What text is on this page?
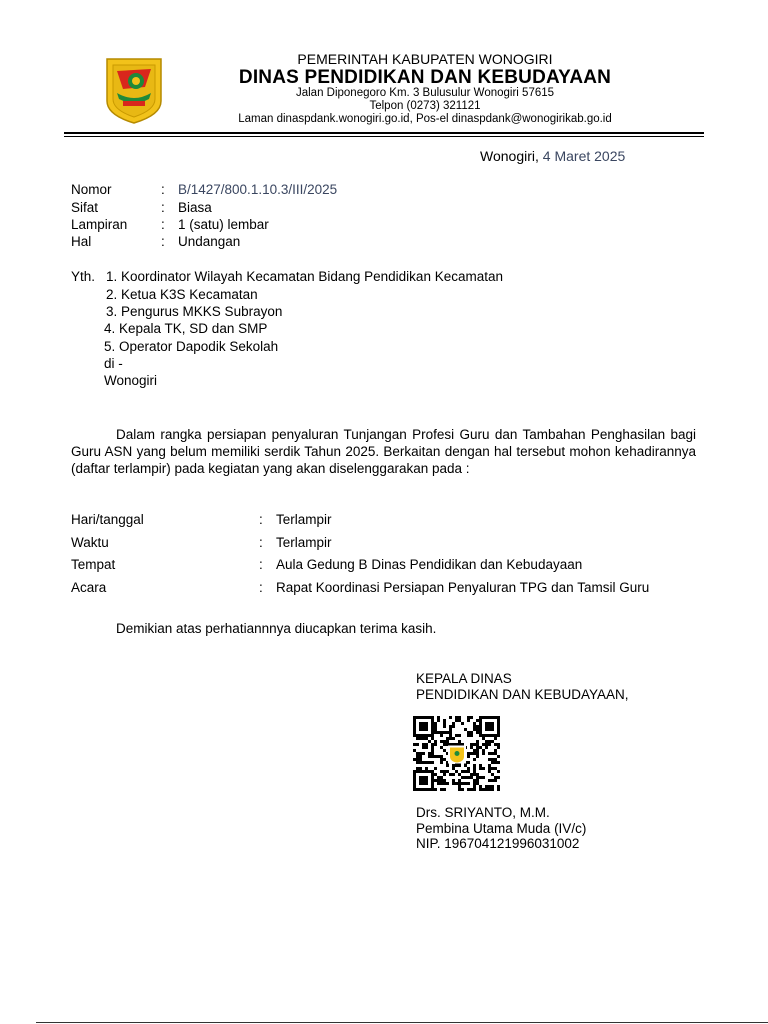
PEMERINTAH KABUPATEN WONOGIRI
DINAS PENDIDIKAN DAN KEBUDAYAAN
Jalan Diponegoro Km. 3 Bulusulur Wonogiri 57615
Telpon (0273) 321121
Laman dinaspdank.wonogiri.go.id, Pos-el dinaspdank@wonogirikab.go.id
Wonogiri, 4 Maret 2025
Nomor	: B/1427/800.1.10.3/III/2025
Sifat	: Biasa
Lampiran : 1 (satu) lembar
Hal	: Undangan
Yth. 1. Koordinator Wilayah Kecamatan Bidang Pendidikan Kecamatan
2. Ketua K3S Kecamatan
3. Pengurus MKKS Subrayon
4. Kepala TK, SD dan SMP
5. Operator Dapodik Sekolah
di -
Wonogiri
Dalam rangka persiapan penyaluran Tunjangan Profesi Guru dan Tambahan Penghasilan bagi Guru ASN yang belum memiliki serdik Tahun 2025. Berkaitan dengan hal tersebut mohon kehadirannya (daftar terlampir) pada kegiatan yang akan diselenggarakan pada :
Hari/tanggal	: Terlampir
Waktu	: Terlampir
Tempat	: Aula Gedung B Dinas Pendidikan dan Kebudayaan
Acara	: Rapat Koordinasi Persiapan Penyaluran TPG dan Tamsil Guru
Demikian atas perhatiannnya diucapkan terima kasih.
KEPALA DINAS
PENDIDIKAN DAN KEBUDAYAAN,
Drs. SRIYANTO, M.M.
Pembina Utama Muda (IV/c)
NIP. 196704121996031002
